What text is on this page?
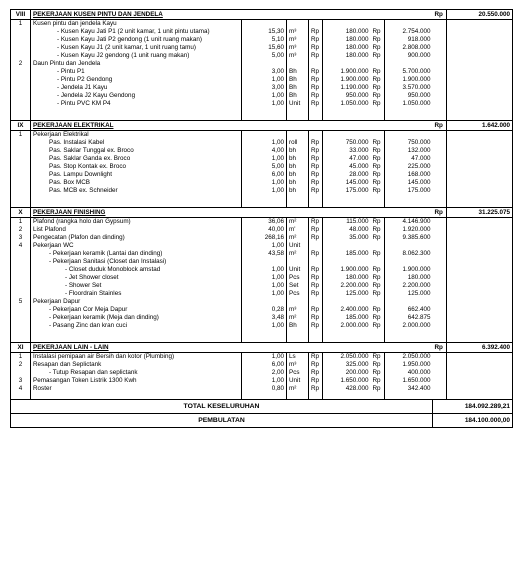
VIII	PEKERJAAN KUSEN PINTU DAN JENDELA							Rp	20.550.000
1	Kusen pintu dan jendela Kayu								
	- Kusen Kayu Jati P1 (2 unit kamar, 1 unit pintu utama)	15,30	m³	Rp	180.000	Rp	2.754.000		
	- Kusen Kayu Jati P2 gendong (1 unit ruang makan)	5,10	m³	Rp	180.000	Rp	918.000		
	- Kusen Kayu J1 (2 unit kamar, 1 unit ruang tamu)	15,60	m³	Rp	180.000	Rp	2.808.000		
	- Kusen Kayu J2 gendong (1 unit ruang makan)	5,00	m³	Rp	180.000	Rp	900.000		
2	Daun Pintu dan Jendela								
	- Pintu P1	3,00	Bh	Rp	1.900.000	Rp	5.700.000		
	- Pintu P2 Gendong	1,00	Bh	Rp	1.900.000	Rp	1.900.000		
	- Jendela J1 Kayu	3,00	Bh	Rp	1.190.000	Rp	3.570.000		
	- Jendela J2 Kayu Gendong	1,00	Bh	Rp	950.000	Rp	950.000		
	- Pintu PVC KM P4	1,00	Unit	Rp	1.050.000	Rp	1.050.000		

IX	PEKERJAAN ELEKTRIKAL							Rp	1.642.000
1	Pekerjaan Elektrikal								
	Pas. Instalasi Kabel	1,00	roll	Rp	750.000	Rp	750.000		
	Pas. Saklar Tunggal ex. Broco	4,00	bh	Rp	33.000	Rp	132.000		
	Pas. Saklar Ganda ex. Broco	1,00	bh	Rp	47.000	Rp	47.000		
	Pas. Stop Kontak ex. Broco	5,00	bh	Rp	45.000	Rp	225.000		
	Pas. Lampu Downlight	6,00	bh	Rp	28.000	Rp	168.000		
	Pas. Box MCB	1,00	bh	Rp	145.000	Rp	145.000		
	Pas. MCB ex. Schneider	1,00	bh	Rp	175.000	Rp	175.000		

X	PEKERJAAN FINISHING							Rp	31.225.075
1	Plafond (rangka holo dan Gypsum)	36,06	m²	Rp	115.000	Rp	4.146.900		
2	List Plafond	40,00	m'	Rp	48.000	Rp	1.920.000		
3	Pengecatan (Plafon dan dinding)	268,16	m²	Rp	35.000	Rp	9.385.600		
4	Pekerjaan WC	1,00	Unit						
	- Pekerjaan keramik (Lantai dan dinding)	43,58	m²	Rp	185.000	Rp	8.062.300		
	- Pekerjaan Sanitasi (Closet dan Instalasi)								
	- Closet duduk Monoblock amstad	1,00	Unit	Rp	1.900.000	Rp	1.900.000		
	- Jet Shower closet	1,00	Pcs	Rp	180.000	Rp	180.000		
	- Shower Set	1,00	Set	Rp	2.200.000	Rp	2.200.000		
	- Floordrain Stainles	1,00	Pcs	Rp	125.000	Rp	125.000		
5	Pekerjaan Dapur								
	- Pekerjaan Cor Meja Dapur	0,28	m³	Rp	2.400.000	Rp	662.400		
	- Pekerjaan keramik (Meja dan dinding)	3,48	m²	Rp	185.000	Rp	642.875		
	- Pasang Zinc dan kran cuci	1,00	Bh	Rp	2.000.000	Rp	2.000.000		

XI	PEKERJAAN LAIN - LAIN							Rp	6.392.400
1	Instalasi pemipaan air Bersih dan kotor (Plumbing)	1,00	Ls	Rp	2.050.000	Rp	2.050.000		
2	Resapan dan Seplictank	6,00	m³	Rp	325.000	Rp	1.950.000		
	- Tutup Resapan dan seplictank	2,00	Pcs	Rp	200.000	Rp	400.000		
3	Pemasangan Token Listrik 1300 Kwh	1,00	Unit	Rp	1.650.000	Rp	1.650.000		
4	Roster	0,80	m²	Rp	428.000	Rp	342.400		

TOTAL KESELURUHAN								184.092.289,21	
PEMBULATAN								184.100.000,00	
